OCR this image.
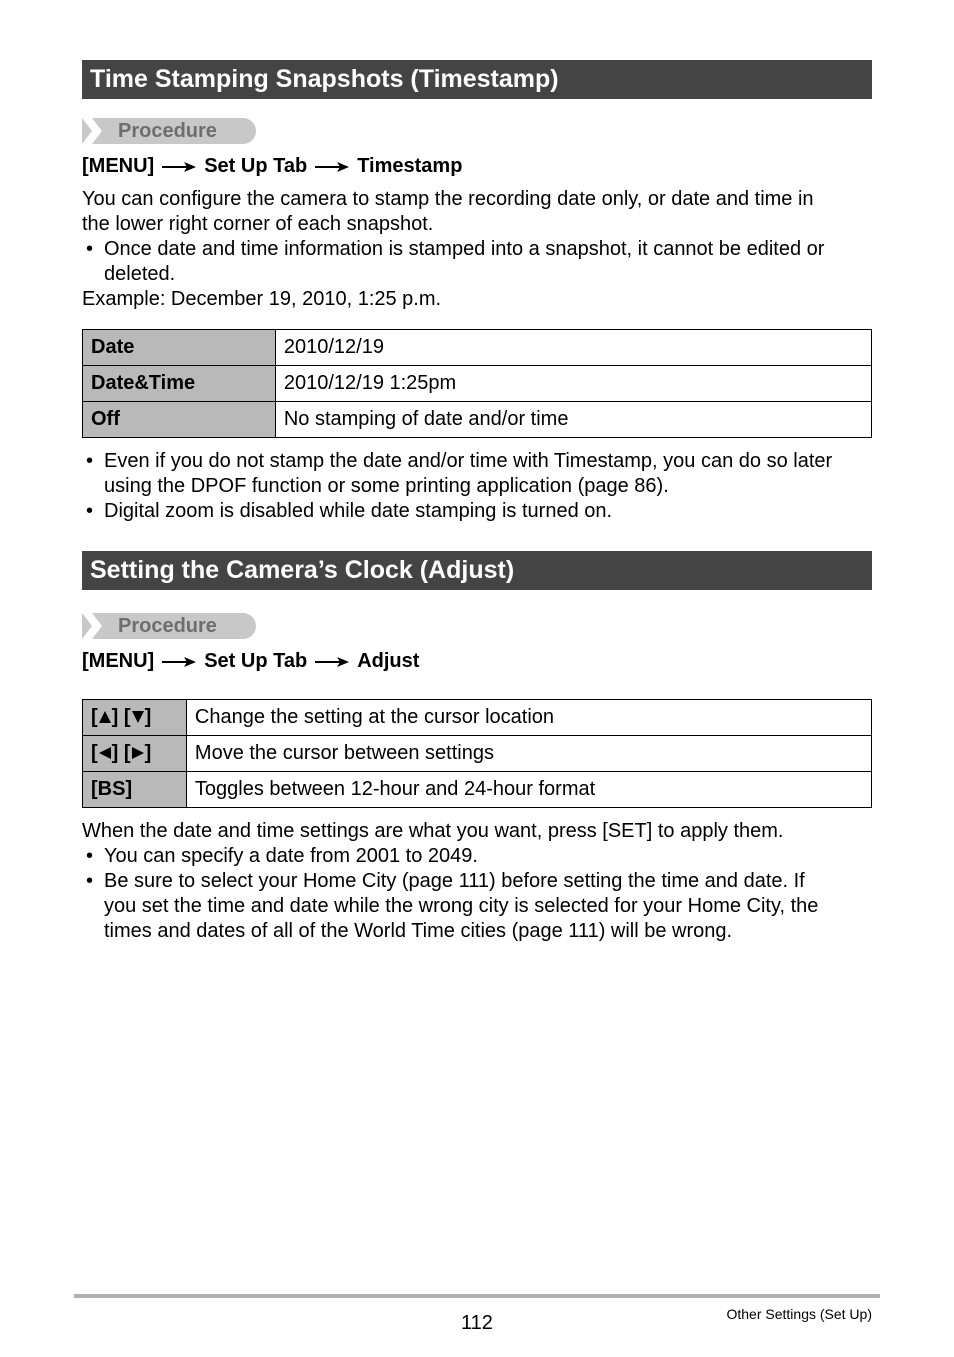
Time Stamping Snapshots (Timestamp)
Procedure
[MENU]	Set Up Tab	Timestamp
You can configure the camera to stamp the recording date only, or date and time in
the lower right corner of each snapshot.
• Once date and time information is stamped into a snapshot, it cannot be edited or
deleted.
Example: December 19, 2010, 1:25 p.m.
Date	2010/12/19
Date&Time	2010/12/19 1:25pm
Off	No stamping of date and/or time
• Even if you do not stamp the date and/or time with Timestamp, you can do so later
using the DPOF function or some printing application (page 86).
• Digital zoom is disabled while date stamping is turned on.
Setting the Camera’s Clock (Adjust)
Procedure
[MENU]	Set Up Tab	Adjust
[ ] [ ]	Change the setting at the cursor location
[ ] [ ]	Move the cursor between settings
[BS]	Toggles between 12-hour and 24-hour format
When the date and time settings are what you want, press [SET] to apply them.
• You can specify a date from 2001 to 2049.
• Be sure to select your Home City (page 111) before setting the time and date. If
you set the time and date while the wrong city is selected for your Home City, the
times and dates of all of the World Time cities (page 111) will be wrong.
112	Other Settings (Set Up)
